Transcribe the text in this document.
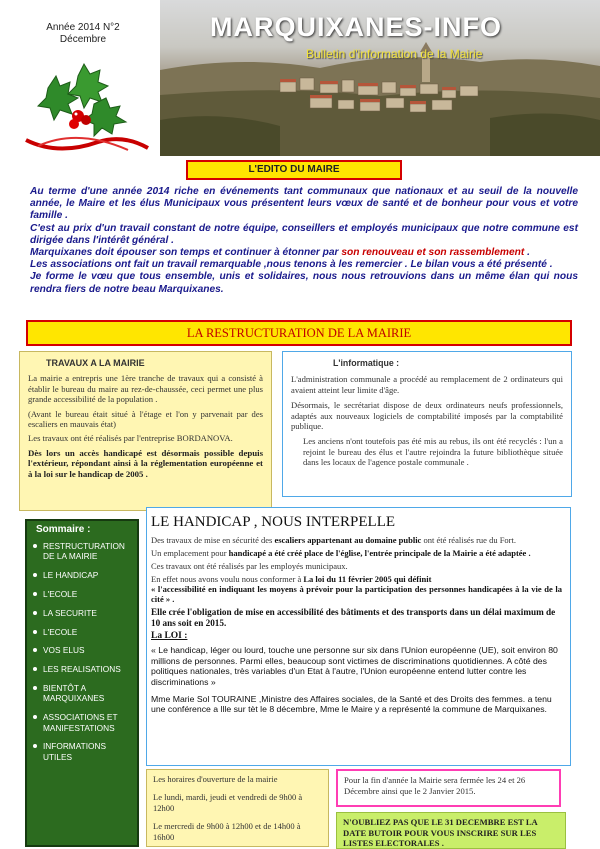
Année 2014 N°2
Décembre	MARQUIXANES-INFO
Bulletin d'information de la Mairie
L'EDITO DU MAIRE

Au terme d'une année 2014 riche en événements tant communaux que nationaux et au seuil de la nouvelle année, le Maire et les élus Municipaux vous présentent leurs vœux de santé et de bonheur pour vous et votre famille .

C'est au prix d'un travail constant de notre équipe, conseillers et employés municipaux que notre commune est dirigée dans l'intérêt général .

Marquixanes doit épouser son temps et continuer à étonner par son renouveau et son rassemblement .

Les associations ont fait un travail remarquable ,nous tenons à les remercier . Le bilan vous a été présenté .

Je forme le vœu que tous ensemble, unis et solidaires, nous nous retrouvions dans un même élan qui nous rendra fiers de notre beau Marquixanes.

LA RESTRUCTURATION DE LA MAIRIE
TRAVAUX A LA MAIRIE

La mairie a entrepris une 1ère tranche de travaux qui a consisté à établir le bureau du maire au rez-de-chaussée, ceci permet une plus grande accessibilité de la population .

(Avant le bureau était situé à l'étage et l'on y parvenait par des escaliers en mauvais état)

Les travaux ont été réalisés par l'entreprise BORDANOVA.

Dès lors un accès handicapé est désormais possible depuis l'extérieur, répondant ainsi à la réglementation européenne et à la loi sur le handicap de 2005 .

L'informatique :

L'administration communale a procédé au remplacement de 2 ordinateurs qui avaient atteint leur limite d'âge.

Désormais, le secrétariat dispose de deux ordinateurs neufs professionnels, adaptés aux nouveaux logiciels de comptabilité imposés par la comptabilité publique.

Les anciens n'ont toutefois pas été mis au rebus, ils ont été recyclés : l'un a rejoint le bureau des élus et l'autre rejoindra la future bibliothèque située dans les locaux de l'agence postale communale .

Sommaire :
RESTRUCTURATION DE LA MAIRIE
LE HANDICAP
L'ECOLE
LA SECURITE
L'ECOLE
VOS ELUS
LES REALISATIONS
BIENTÔT A MARQUIXANES
ASSOCIATIONS ET MANIFESTATIONS
INFORMATIONS UTILES
LE HANDICAP , NOUS INTERPELLE

Des travaux de mise en sécurité des escaliers appartenant au domaine public ont été réalisés rue du Fort.

Un emplacement pour handicapé a été créé place de l'église, l'entrée principale de la Mairie a été adaptée .

Ces travaux ont été réalisés par les employés municipaux.

En effet nous avons voulu nous conformer à La loi du 11 février 2005 qui définit
« l'accessibilité en indiquant les moyens à prévoir pour la participation des personnes handicapées à la vie de la cité » .

Elle crée l'obligation de mise en accessibilité des bâtiments et des transports dans un délai maximum de 10 ans soit en 2015.

La LOI :

« Le handicap, léger ou lourd, touche une personne sur six dans l'Union européenne (UE), soit environ 80 millions de personnes. Parmi elles, beaucoup sont victimes de discriminations quotidiennes. A côté des politiques nationales, très variables d'un Etat à l'autre, l'Union européenne entend lutter contre les discriminations »

Mme Marie Sol TOURAINE ,Ministre des Affaires sociales, de la Santé et des Droits des femmes. a tenu une conférence a llle sur tèt le 8 décembre, Mme le Maire y a représenté la commune de Marquixanes.

Les horaires d'ouverture de la mairie

Le lundi, mardi, jeudi et vendredi de 9h00 à 12h00

Le mercredi de 9h00 à 12h00 et de 14h00 à 16h00

Pour la fin d'année la Mairie sera fermée les 24 et 26 Décembre ainsi que le 2 Janvier 2015.
N'OUBLIEZ PAS QUE LE 31 DECEMBRE EST LA DATE BUTOIR POUR VOUS INSCRIRE SUR LES LISTES ELECTORALES .
